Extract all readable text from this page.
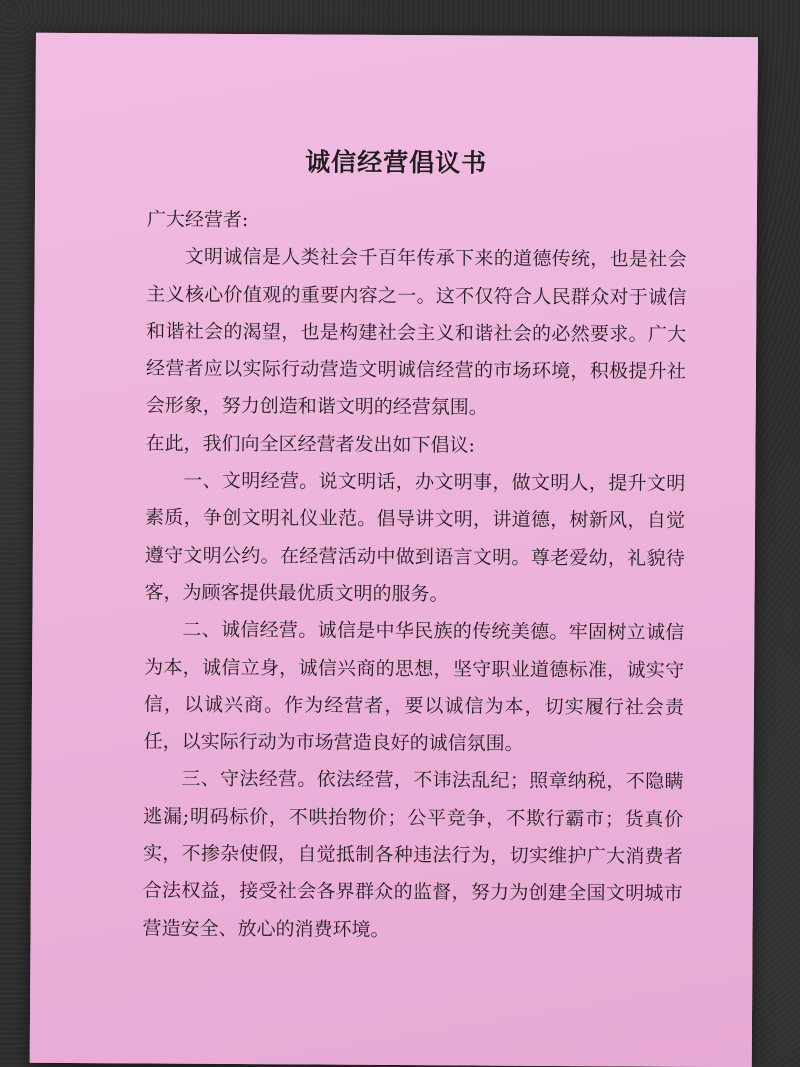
诚信经营倡议书

广大经营者:

文明诚信是人类社会千百年传承下来的道德传统，也是社会主义核心价值观的重要内容之一。这不仅符合人民群众对于诚信和谐社会的渴望，也是构建社会主义和谐社会的必然要求。广大经营者应以实际行动营造文明诚信经营的市场环境，积极提升社会形象，努力创造和谐文明的经营氛围。

在此，我们向全区经营者发出如下倡议:

一、文明经营。说文明话，办文明事，做文明人，提升文明素质，争创文明礼仪业范。倡导讲文明，讲道德，树新风，自觉遵守文明公约。在经营活动中做到语言文明。尊老爱幼，礼貌待客，为顾客提供最优质文明的服务。

二、诚信经营。诚信是中华民族的传统美德。牢固树立诚信为本，诚信立身，诚信兴商的思想，坚守职业道德标准，诚实守信，以诚兴商。作为经营者，要以诚信为本，切实履行社会责任，以实际行动为市场营造良好的诚信氛围。

三、守法经营。依法经营，不讳法乱纪；照章纳税，不隐瞒逃漏;明码标价，不哄抬物价；公平竞争，不欺行霸市；货真价实，不掺杂使假，自觉抵制各种违法行为，切实维护广大消费者合法权益，接受社会各界群众的监督，努力为创建全国文明城市营造安全、放心的消费环境。
